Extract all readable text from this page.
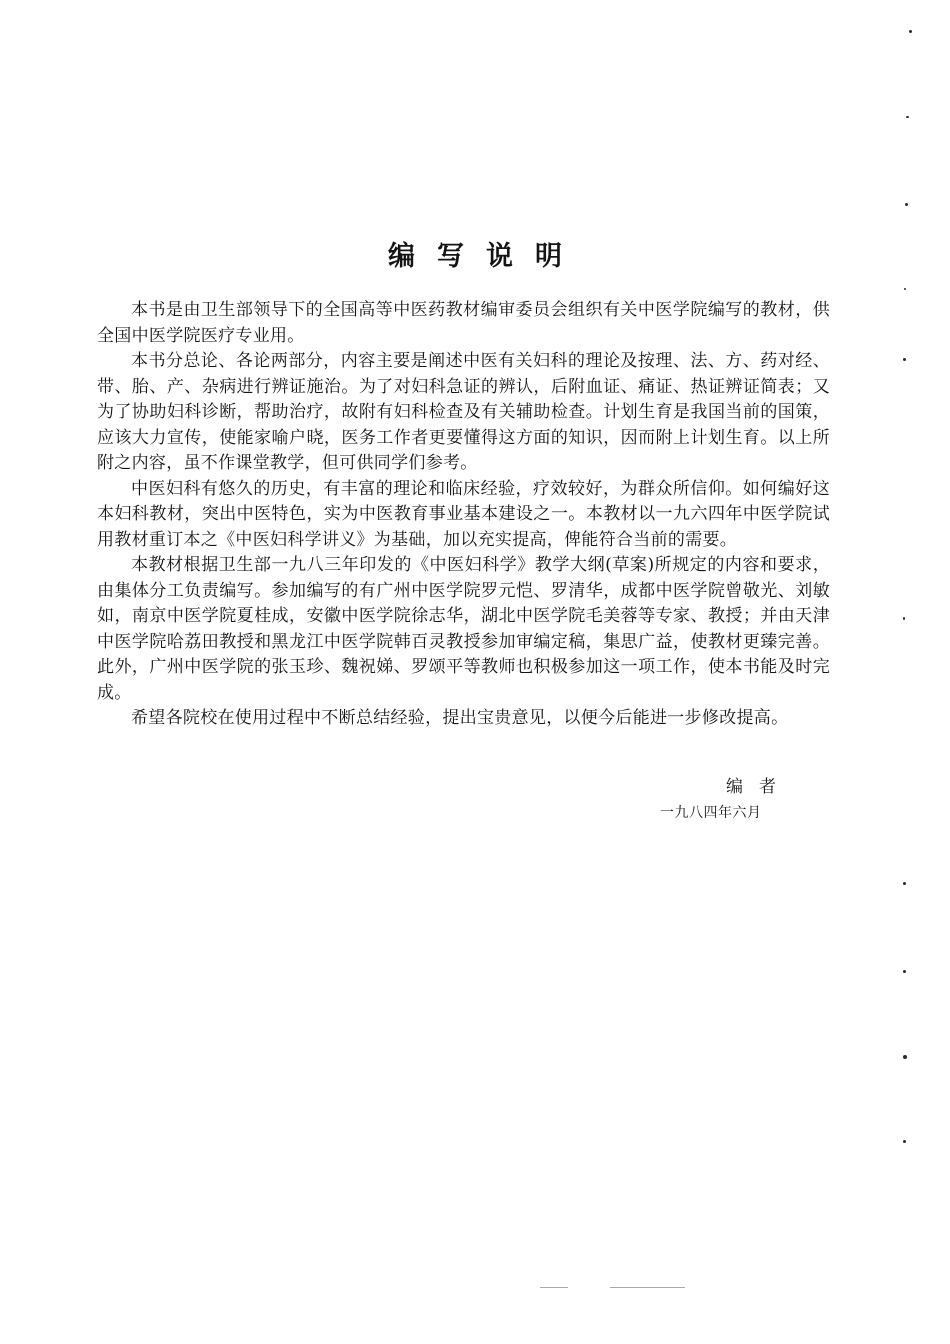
编写说明

本书是由卫生部领导下的全国高等中医药教材编审委员会组织有关中医学院编写的教材，供全国中医学院医疗专业用。

本书分总论、各论两部分，内容主要是阐述中医有关妇科的理论及按理、法、方、药对经、带、胎、产、杂病进行辨证施治。为了对妇科急证的辨认，后附血证、痛证、热证辨证简表；又为了协助妇科诊断，帮助治疗，故附有妇科检查及有关辅助检查。计划生育是我国当前的国策，应该大力宣传，使能家喻户晓，医务工作者更要懂得这方面的知识，因而附上计划生育。以上所附之内容，虽不作课堂教学，但可供同学们参考。

中医妇科有悠久的历史，有丰富的理论和临床经验，疗效较好，为群众所信仰。如何编好这本妇科教材，突出中医特色，实为中医教育事业基本建设之一。本教材以一九六四年中医学院试用教材重订本之《中医妇科学讲义》为基础，加以充实提高，俾能符合当前的需要。

本教材根据卫生部一九八三年印发的《中医妇科学》教学大纲(草案)所规定的内容和要求，由集体分工负责编写。参加编写的有广州中医学院罗元恺、罗清华，成都中医学院曾敬光、刘敏如，南京中医学院夏桂成，安徽中医学院徐志华，湖北中医学院毛美蓉等专家、教授；并由天津中医学院哈荔田教授和黑龙江中医学院韩百灵教授参加审编定稿，集思广益，使教材更臻完善。此外，广州中医学院的张玉珍、魏祝娣、罗颂平等教师也积极参加这一项工作，使本书能及时完成。

希望各院校在使用过程中不断总结经验，提出宝贵意见，以便今后能进一步修改提高。

编者
一九八四年六月
